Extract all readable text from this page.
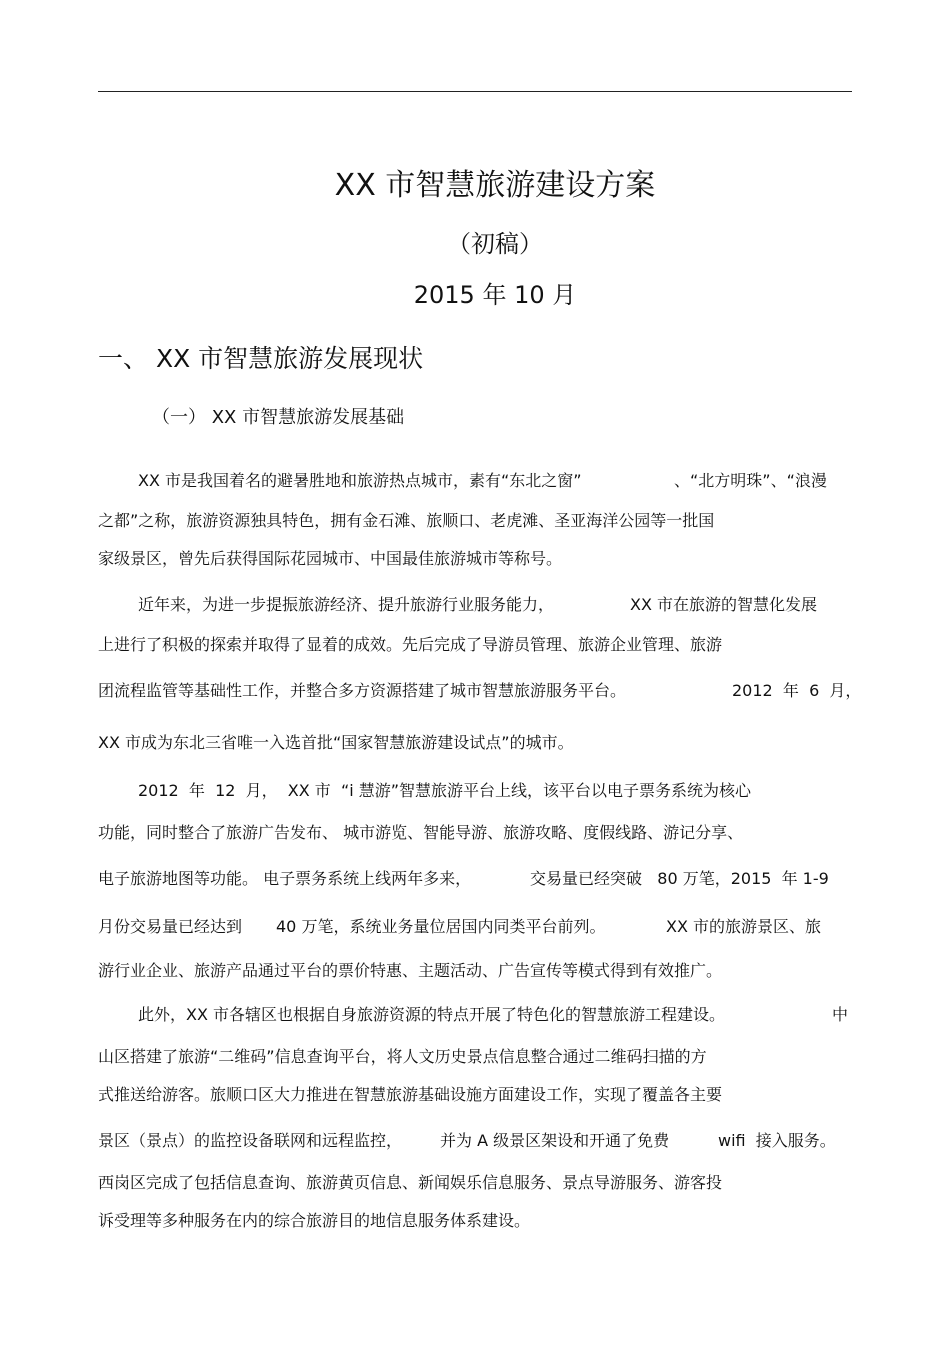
XX 市智慧旅游建设方案
（初稿）
2015 年 10 月
一、 XX 市智慧旅游发展现状
（一） XX 市智慧旅游发展基础
XX 市是我国着名的避暑胜地和旅游热点城市，素有“东北之窗”	、“北方明珠”、“浪漫
之都”之称，旅游资源独具特色，拥有金石滩、旅顺口、老虎滩、圣亚海洋公园等一批国
家级景区，曾先后获得国际花园城市、中国最佳旅游城市等称号。
近年来，为进一步提振旅游经济、提升旅游行业服务能力，	XX 市在旅游的智慧化发展
上进行了积极的探索并取得了显着的成效。先后完成了导游员管理、旅游企业管理、旅游
团流程监管等基础性工作，并整合多方资源搭建了城市智慧旅游服务平台。	2012  年  6  月，
XX 市成为东北三省唯一入选首批“国家智慧旅游建设试点”的城市。
2012  年  12  月，  XX 市  “i 慧游”智慧旅游平台上线，该平台以电子票务系统为核心
功能，同时整合了旅游广告发布、 城市游览、智能导游、旅游攻略、度假线路、游记分享、
电子旅游地图等功能。 电子票务系统上线两年多来，	交易量已经突破   80 万笔，2015  年 1-9
月份交易量已经达到 40 万笔，系统业务量位居国内同类平台前列。	XX 市的旅游景区、旅
游行业企业、旅游产品通过平台的票价特惠、主题活动、广告宣传等模式得到有效推广。
此外，XX 市各辖区也根据自身旅游资源的特点开展了特色化的智慧旅游工程建设。	中
山区搭建了旅游“二维码”信息查询平台，将人文历史景点信息整合通过二维码扫描的方
式推送给游客。旅顺口区大力推进在智慧旅游基础设施方面建设工作，实现了覆盖各主要
景区（景点）的监控设备联网和远程监控， 并为 A 级景区架设和开通了免费	wifi  接入服务。
西岗区完成了包括信息查询、旅游黄页信息、新闻娱乐信息服务、景点导游服务、游客投
诉受理等多种服务在内的综合旅游目的地信息服务体系建设。
